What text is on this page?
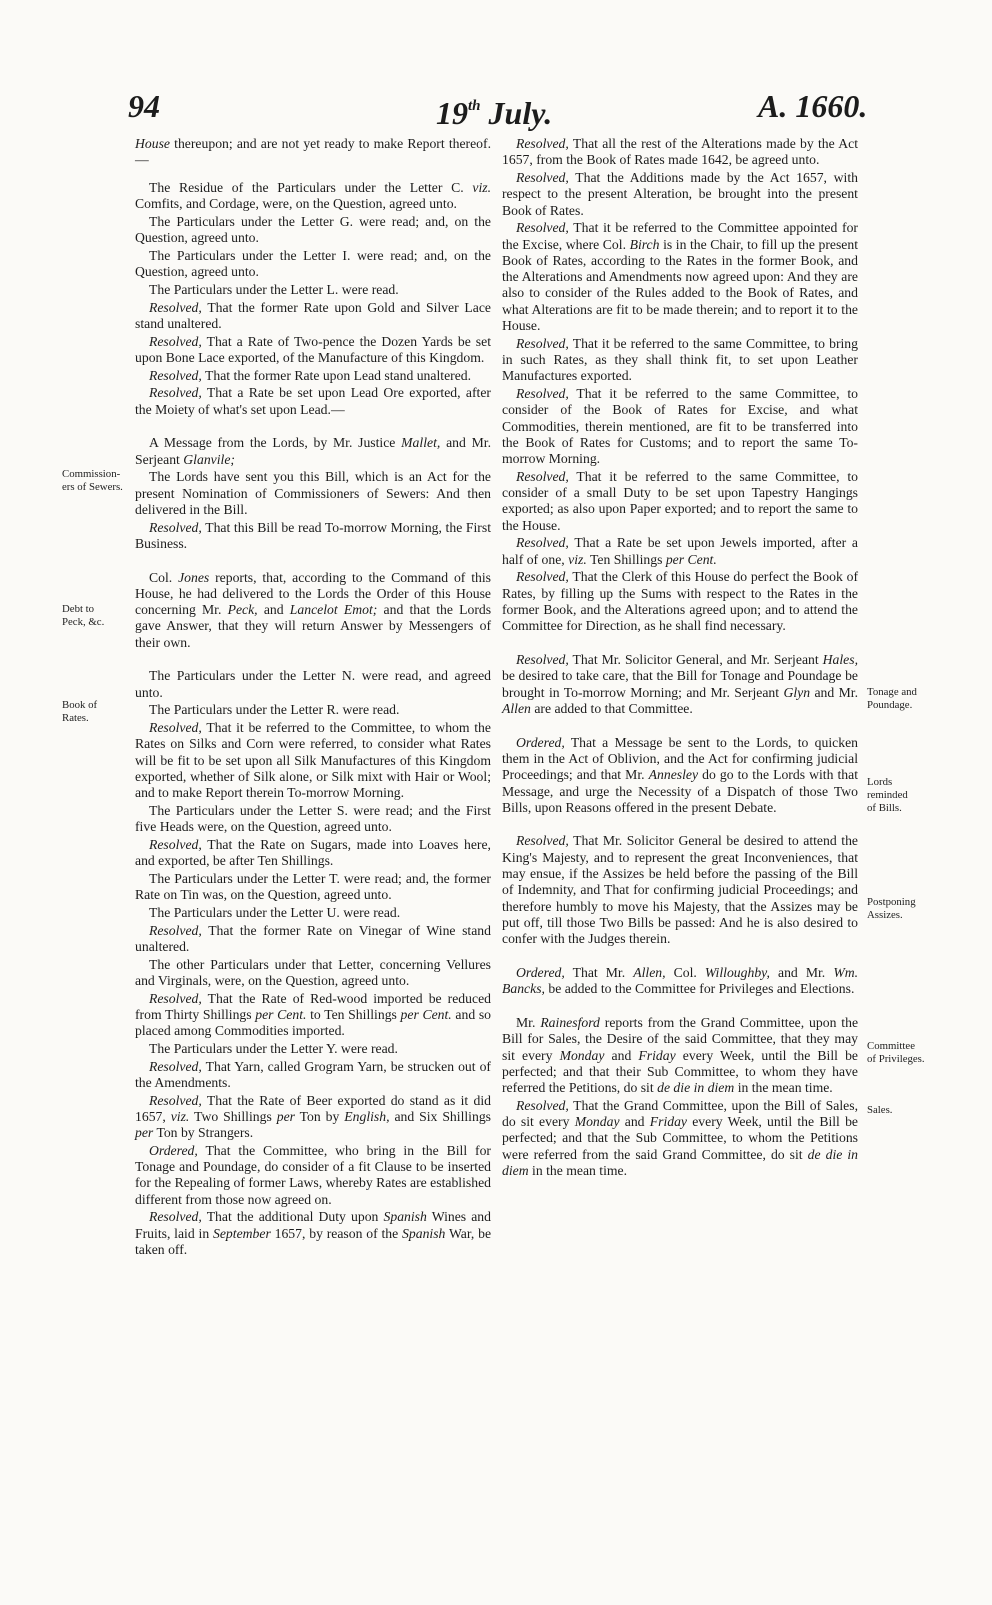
94	19th July.	A. 1660.

House thereupon; and are not yet ready to make Report thereof.—

The Residue of the Particulars under the Letter C. viz. Comfits, and Cordage, were, on the Question, agreed unto.

The Particulars under the Letter G. were read; and, on the Question, agreed unto.

The Particulars under the Letter I. were read; and, on the Question, agreed unto.

The Particulars under the Letter L. were read.

Resolved, That the former Rate upon Gold and Silver Lace stand unaltered.

Resolved, That a Rate of Two-pence the Dozen Yards be set upon Bone Lace exported, of the Manufacture of this Kingdom.

Resolved, That the former Rate upon Lead stand unaltered.

Resolved, That a Rate be set upon Lead Ore exported, after the Moiety of what's set upon Lead.—

A Message from the Lords, by Mr. Justice Mallet, and Mr. Serjeant Glanvile;

The Lords have sent you this Bill, which is an Act for the present Nomination of Commissioners of Sewers: And then delivered in the Bill.

Resolved, That this Bill be read To-morrow Morning, the First Business.

Col. Jones reports, that, according to the Command of this House, he had delivered to the Lords the Order of this House concerning Mr. Peck, and Lancelot Emot; and that the Lords gave Answer, that they will return Answer by Messengers of their own.

The Particulars under the Letter N. were read, and agreed unto.

The Particulars under the Letter R. were read.

Resolved, That it be referred to the Committee, to whom the Rates on Silks and Corn were referred, to consider what Rates will be fit to be set upon all Silk Manufactures of this Kingdom exported, whether of Silk alone, or Silk mixt with Hair or Wool; and to make Report therein To-morrow Morning.

The Particulars under the Letter S. were read; and the First five Heads were, on the Question, agreed unto.

Resolved, That the Rate on Sugars, made into Loaves here, and exported, be after Ten Shillings.

The Particulars under the Letter T. were read; and, the former Rate on Tin was, on the Question, agreed unto.

The Particulars under the Letter U. were read.

Resolved, That the former Rate on Vinegar of Wine stand unaltered.

The other Particulars under that Letter, concerning Vellures and Virginals, were, on the Question, agreed unto.

Resolved, That the Rate of Red-wood imported be reduced from Thirty Shillings per Cent. to Ten Shillings per Cent. and so placed among Commodities imported.

The Particulars under the Letter Y. were read.

Resolved, That Yarn, called Grogram Yarn, be strucken out of the Amendments.

Resolved, That the Rate of Beer exported do stand as it did 1657, viz. Two Shillings per Ton by English, and Six Shillings per Ton by Strangers.

Ordered, That the Committee, who bring in the Bill for Tonage and Poundage, do consider of a fit Clause to be inserted for the Repealing of former Laws, whereby Rates are established different from those now agreed on.

Resolved, That the additional Duty upon Spanish Wines and Fruits, laid in September 1657, by reason of the Spanish War, be taken off.

Resolved, That all the rest of the Alterations made by the Act 1657, from the Book of Rates made 1642, be agreed unto.

Resolved, That the Additions made by the Act 1657, with respect to the present Alteration, be brought into the present Book of Rates.

Resolved, That it be referred to the Committee appointed for the Excise, where Col. Birch is in the Chair, to fill up the present Book of Rates, according to the Rates in the former Book, and the Alterations and Amendments now agreed upon: And they are also to consider of the Rules added to the Book of Rates, and what Alterations are fit to be made therein; and to report it to the House.

Resolved, That it be referred to the same Committee, to bring in such Rates, as they shall think fit, to set upon Leather Manufactures exported.

Resolved, That it be referred to the same Committee, to consider of the Book of Rates for Excise, and what Commodities, therein mentioned, are fit to be transferred into the Book of Rates for Customs; and to report the same To-morrow Morning.

Resolved, That it be referred to the same Committee, to consider of a small Duty to be set upon Tapestry Hangings exported; as also upon Paper exported; and to report the same to the House.

Resolved, That a Rate be set upon Jewels imported, after a half of one, viz. Ten Shillings per Cent.

Resolved, That the Clerk of this House do perfect the Book of Rates, by filling up the Sums with respect to the Rates in the former Book, and the Alterations agreed upon; and to attend the Committee for Direction, as he shall find necessary.

Resolved, That Mr. Solicitor General, and Mr. Serjeant Hales, be desired to take care, that the Bill for Tonage and Poundage be brought in To-morrow Morning; and Mr. Serjeant Glyn and Mr. Allen are added to that Committee.

Ordered, That a Message be sent to the Lords, to quicken them in the Act of Oblivion, and the Act for confirming judicial Proceedings; and that Mr. Annesley do go to the Lords with that Message, and urge the Necessity of a Dispatch of those Two Bills, upon Reasons offered in the present Debate.

Resolved, That Mr. Solicitor General be desired to attend the King's Majesty, and to represent the great Inconveniences, that may ensue, if the Assizes be held before the passing of the Bill of Indemnity, and That for confirming judicial Proceedings; and therefore humbly to move his Majesty, that the Assizes may be put off, till those Two Bills be passed: And he is also desired to confer with the Judges therein.

Ordered, That Mr. Allen, Col. Willoughby, and Mr. Wm. Bancks, be added to the Committee for Privileges and Elections.

Mr. Rainesford reports from the Grand Committee, upon the Bill for Sales, the Desire of the said Committee, that they may sit every Monday and Friday every Week, until the Bill be perfected; and that their Sub Committee, to whom they have referred the Petitions, do sit de die in diem in the mean time.

Resolved, That the Grand Committee, upon the Bill of Sales, do sit every Monday and Friday every Week, until the Bill be perfected; and that the Sub Committee, to whom the Petitions were referred from the said Grand Committee, do sit de die in diem in the mean time.

Commission-
ers of Sewers.
Debt to
Peck, &c.
Book of
Rates.
Tonage and
Poundage.
Lords
reminded
of Bills.
Postponing
Assizes.
Committee
of Privileges.
Sales.
